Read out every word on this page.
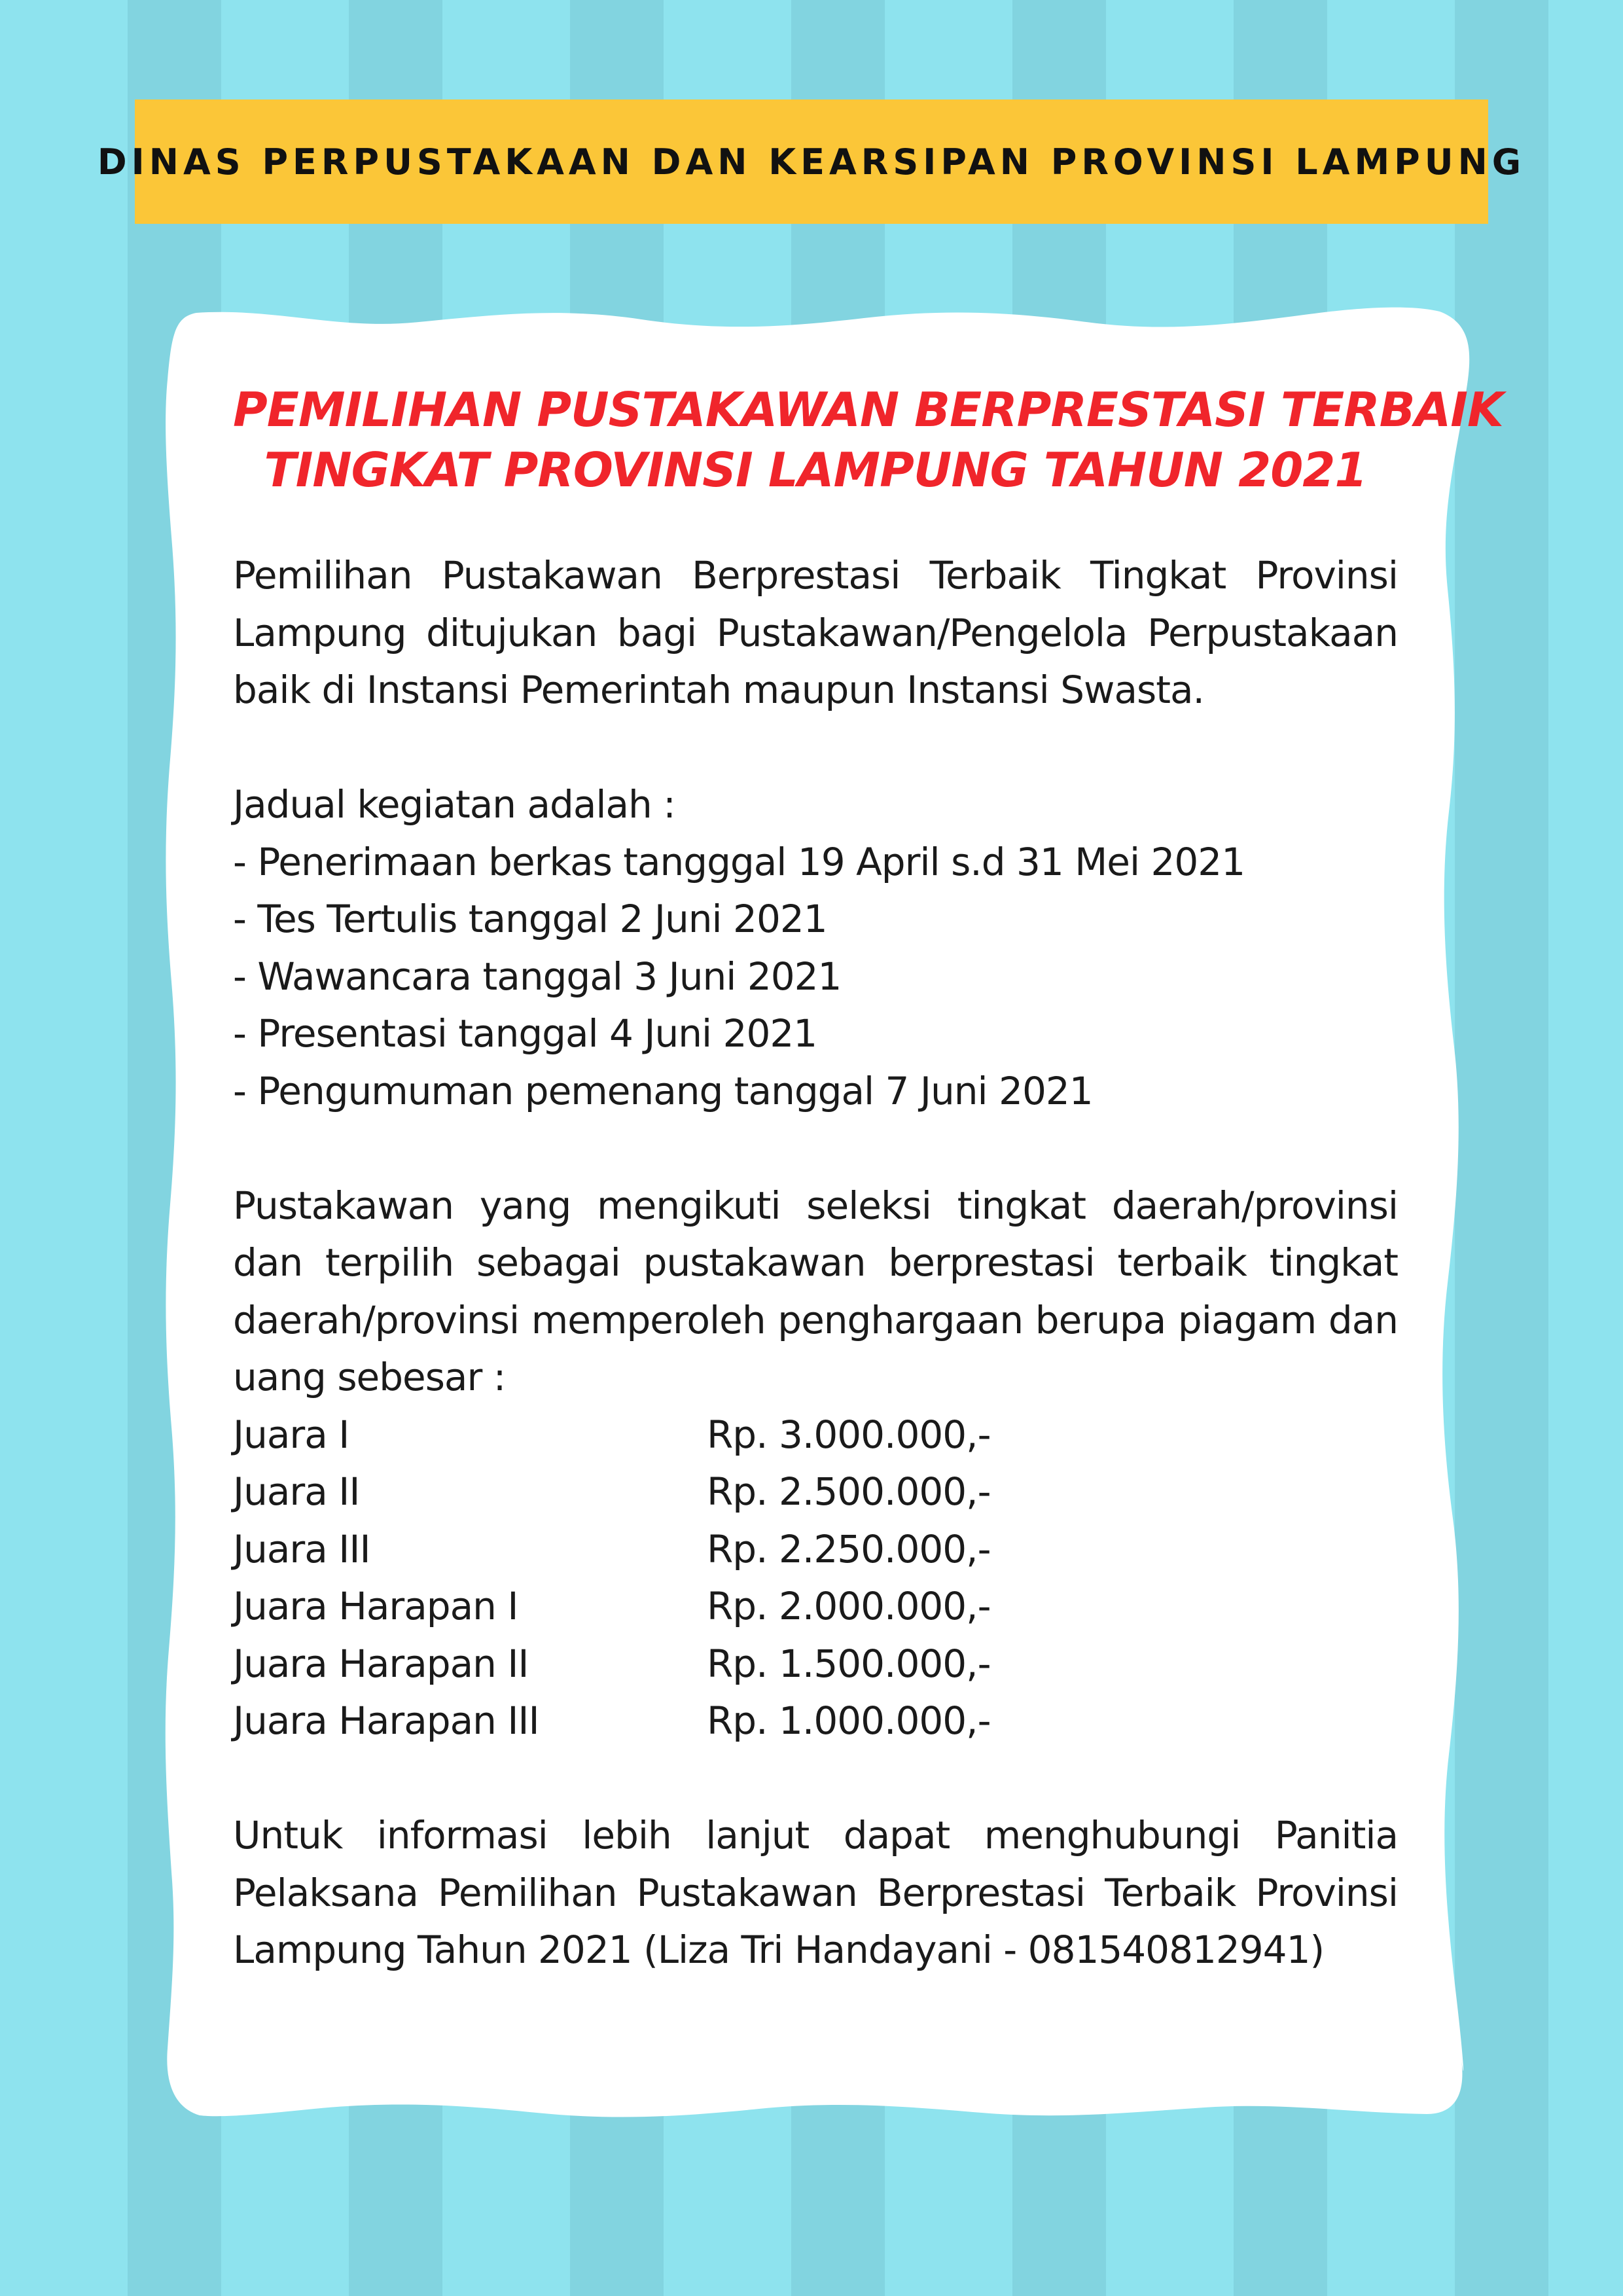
DINAS PERPUSTAKAAN DAN KEARSIPAN PROVINSI LAMPUNG
PEMILIHAN PUSTAKAWAN BERPRESTASI TERBAIK
TINGKAT PROVINSI LAMPUNG TAHUN 2021

Pemilihan Pustakawan Berprestasi Terbaik Tingkat Provinsi Lampung ditujukan bagi Pustakawan/Pengelola Perpustakaan baik di Instansi Pemerintah maupun Instansi Swasta.

Jadual kegiatan adalah :
- Penerimaan berkas tangggal 19 April s.d 31 Mei 2021
- Tes Tertulis tanggal 2 Juni 2021
- Wawancara tanggal 3 Juni 2021
- Presentasi tanggal 4 Juni 2021
- Pengumuman pemenang tanggal 7 Juni 2021

Pustakawan yang mengikuti seleksi tingkat daerah/provinsi dan terpilih sebagai pustakawan berprestasi terbaik tingkat daerah/provinsi memperoleh penghargaan berupa piagam dan uang sebesar :

Juara I	Rp. 3.000.000,-
Juara II	Rp. 2.500.000,-
Juara III	Rp. 2.250.000,-
Juara Harapan I	Rp. 2.000.000,-
Juara Harapan II	Rp. 1.500.000,-
Juara Harapan III	Rp. 1.000.000,-

Untuk informasi lebih lanjut dapat menghubungi Panitia Pelaksana Pemilihan Pustakawan Berprestasi Terbaik Provinsi Lampung Tahun 2021 (Liza Tri Handayani - 081540812941)
